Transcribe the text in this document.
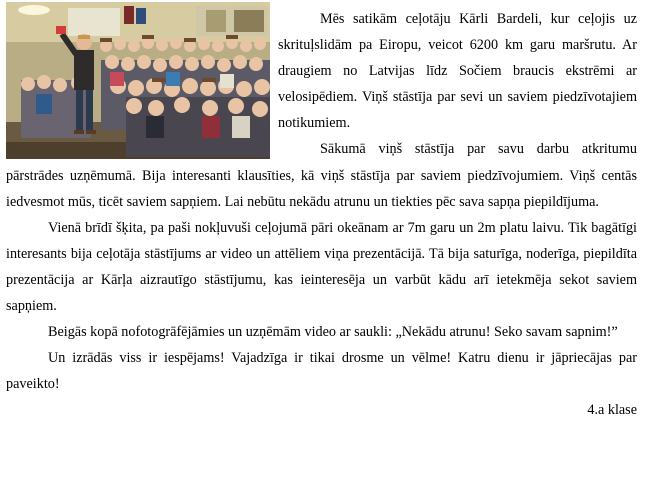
Mēs satikām ceļotāju Kārli Bardeli, kur ceļojis uz skrituļslidām pa Eiropu, veicot 6200 km garu maršrutu. Ar draugiem no Latvijas līdz Sočiem braucis ekstrēmi ar velosipēdiem. Viņš stāstīja par sevi un saviem piedzīvotajiem notikumiem.

Sākumā viņš stāstīja par savu darbu atkritumu pārstrādes uzņēmumā. Bija interesanti klausīties, kā viņš stāstīja par saviem piedzīvojumiem. Viņš centās iedvesmot mūs, ticēt saviem sapņiem. Lai nebūtu nekādu atrunu un tiekties pēc sava sapņa piepildījuma.

Vienā brīdī šķita, pa paši nokļuvuši ceļojumā pāri okeānam ar 7m garu un 2m platu laivu. Tik bagātīgi interesants bija ceļotāja stāstījums ar video un attēliem viņa prezentācijā. Tā bija saturīga, noderīga, piepildīta prezentācija ar Kārļa aizrautīgo stāstījumu, kas ieinteresēja un varbūt kādu arī ietekmēja sekot saviem sapņiem.

Beigās kopā nofotogrāfējāmies un uzņēmām video ar saukli: „Nekādu atrunu! Seko savam sapnim!”

Un izrādās viss ir iespējams! Vajadzīga ir tikai drosme un vēlme! Katru dienu ir jāpriecājas par paveikto!

4.a klase
